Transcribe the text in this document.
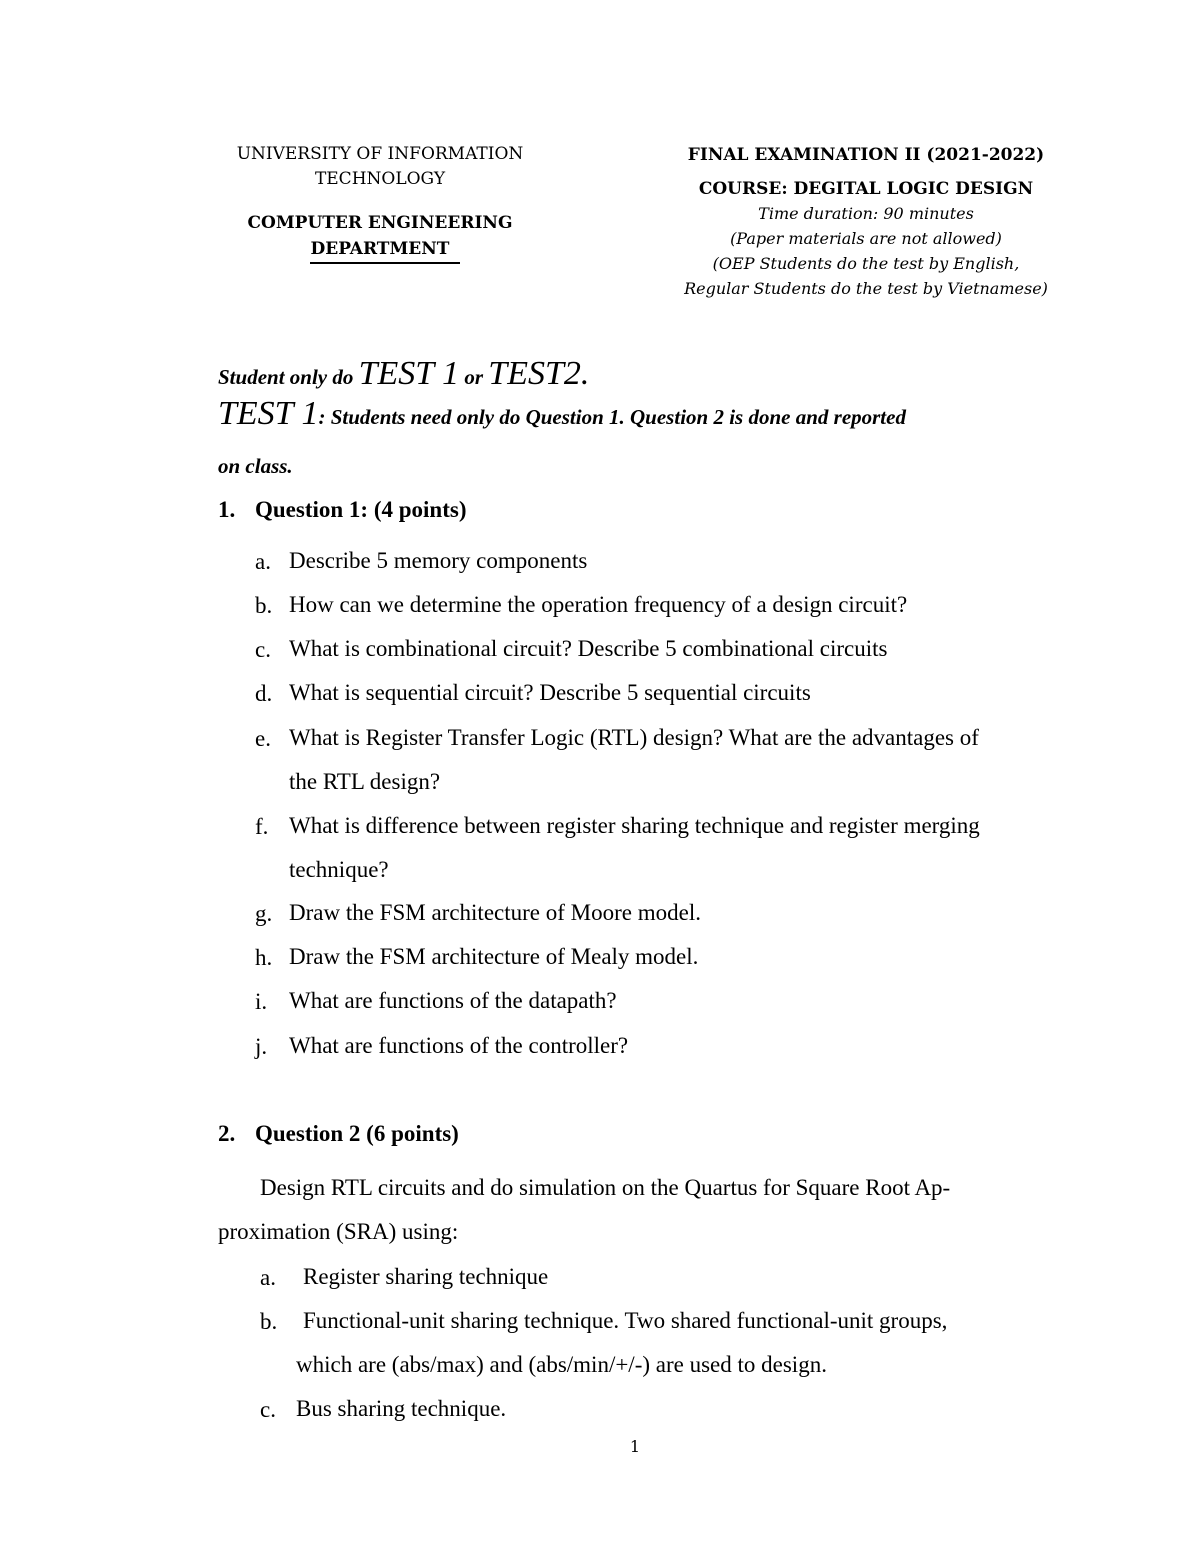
UNIVERSITY OF INFORMATION
TECHNOLOGY
COMPUTER ENGINEERING
DEPARTMENT
FINAL EXAMINATION II (2021-2022)
COURSE: DEGITAL LOGIC DESIGN
Time duration: 90 minutes
(Paper materials are not allowed)
(OEP Students do the test by English,
Regular Students do the test by Vietnamese)
Student only do TEST 1 or TEST2.
TEST 1: Students need only do Question 1. Question 2 is done and reported
on class.
1. Question 1: (4 points)
a. Describe 5 memory components
b. How can we determine the operation frequency of a design circuit?
c. What is combinational circuit? Describe 5 combinational circuits
d. What is sequential circuit? Describe 5 sequential circuits
e. What is Register Transfer Logic (RTL) design? What are the advantages of
the RTL design?
f. What is difference between register sharing technique and register merging
technique?
g. Draw the FSM architecture of Moore model.
h. Draw the FSM architecture of Mealy model.
i. What are functions of the datapath?
j. What are functions of the controller?
2. Question 2 (6 points)
Design RTL circuits and do simulation on the Quartus for Square Root Ap-
proximation (SRA) using:
a. Register sharing technique
b. Functional-unit sharing technique. Two shared functional-unit groups,
which are (abs/max) and (abs/min/+/-) are used to design.
c. Bus sharing technique.
1
